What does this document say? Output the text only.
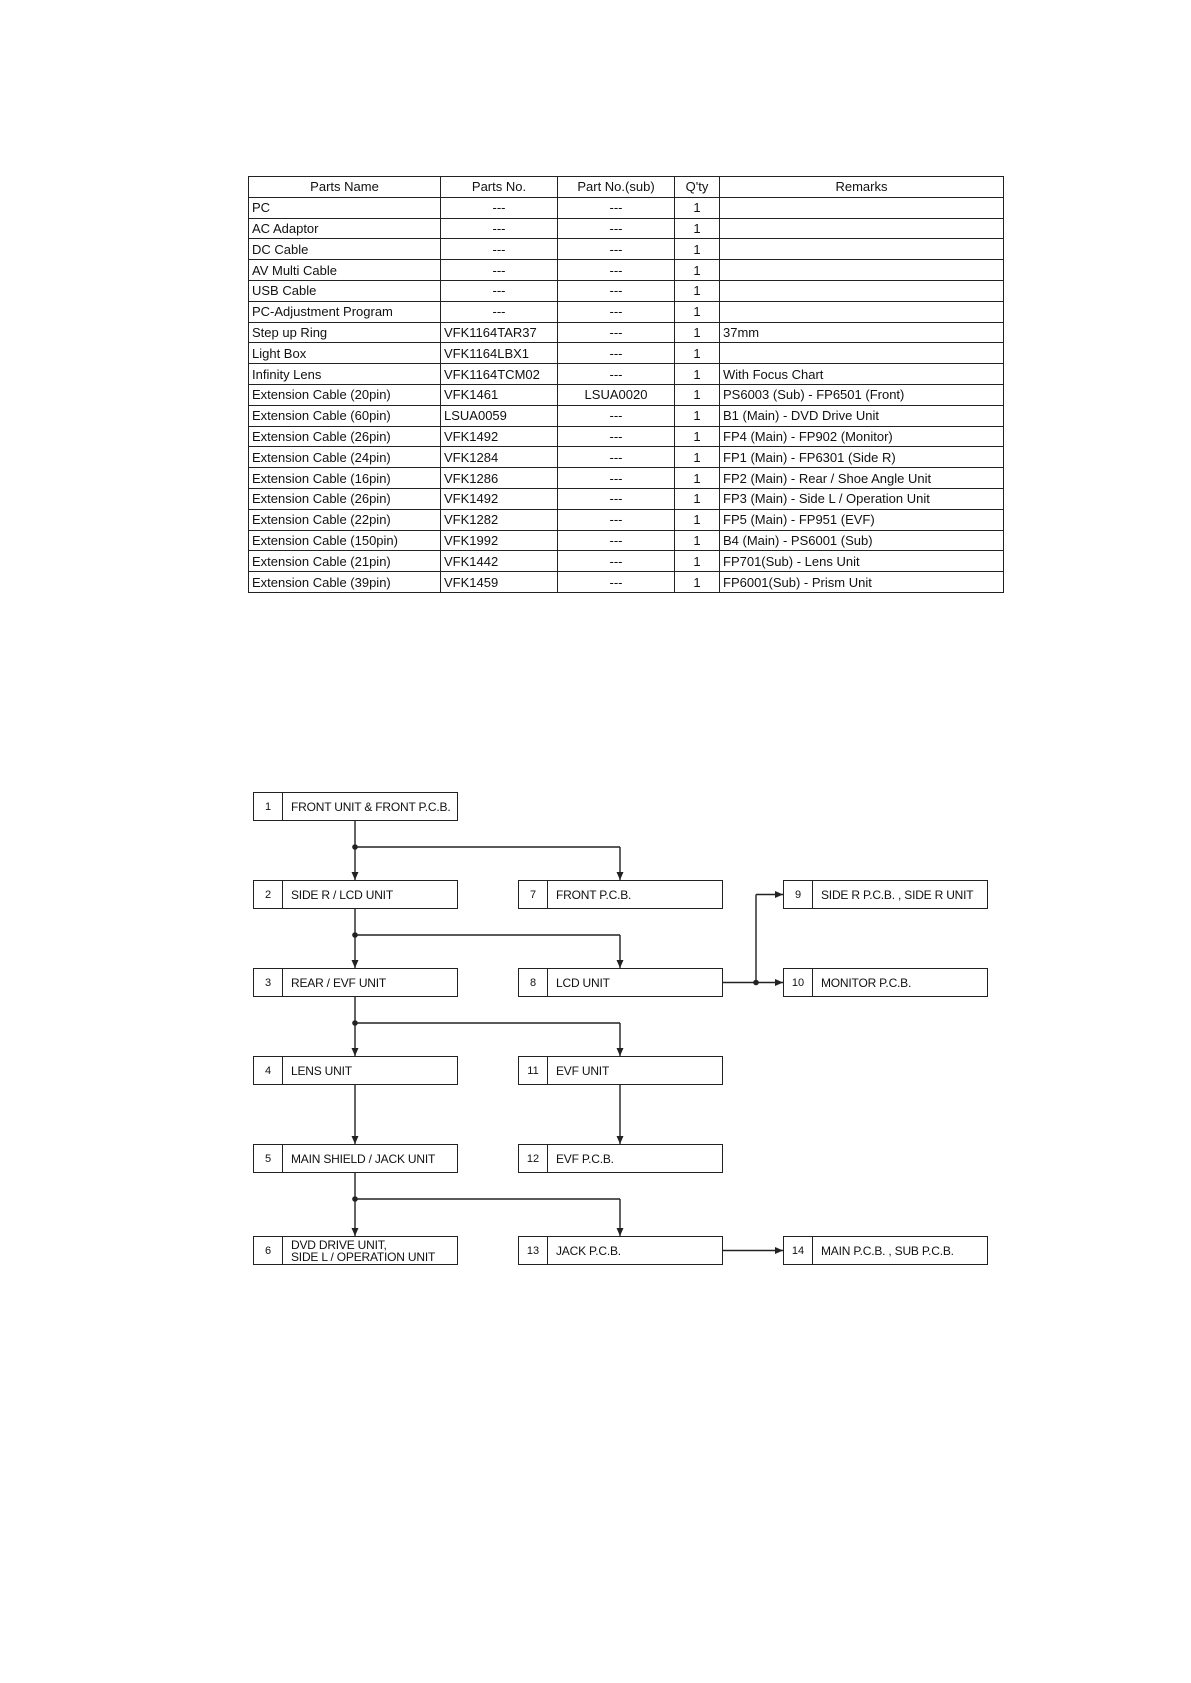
Parts Name	Parts No.	Part No.(sub)	Q'ty	Remarks
PC	---	---	1	
AC Adaptor	---	---	1	
DC Cable	---	---	1	
AV Multi Cable	---	---	1	
USB Cable	---	---	1	
PC-Adjustment Program	---	---	1	
Step up Ring	VFK1164TAR37	---	1	37mm
Light Box	VFK1164LBX1	---	1	
Infinity Lens	VFK1164TCM02	---	1	With Focus Chart
Extension Cable (20pin)	VFK1461	LSUA0020	1	PS6003 (Sub) - FP6501 (Front)
Extension Cable (60pin)	LSUA0059	---	1	B1 (Main) - DVD Drive Unit
Extension Cable (26pin)	VFK1492	---	1	FP4 (Main) - FP902 (Monitor)
Extension Cable (24pin)	VFK1284	---	1	FP1 (Main) - FP6301 (Side R)
Extension Cable (16pin)	VFK1286	---	1	FP2 (Main) - Rear / Shoe Angle Unit
Extension Cable (26pin)	VFK1492	---	1	FP3 (Main) - Side L / Operation Unit
Extension Cable (22pin)	VFK1282	---	1	FP5 (Main) - FP951 (EVF)
Extension Cable (150pin)	VFK1992	---	1	B4 (Main) - PS6001 (Sub)
Extension Cable (21pin)	VFK1442	---	1	FP701(Sub) - Lens Unit
Extension Cable (39pin)	VFK1459	---	1	FP6001(Sub) - Prism Unit
1	FRONT UNIT & FRONT P.C.B.
2	SIDE R / LCD UNIT
3	REAR / EVF UNIT
4	LENS UNIT
5	MAIN SHIELD / JACK UNIT
6	DVD DRIVE UNIT,
SIDE L / OPERATION UNIT
7	FRONT P.C.B.
8	LCD UNIT
9	SIDE R P.C.B. , SIDE R UNIT
10	MONITOR P.C.B.
11	EVF UNIT
12	EVF P.C.B.
13	JACK P.C.B.	14	MAIN P.C.B. , SUB P.C.B.
